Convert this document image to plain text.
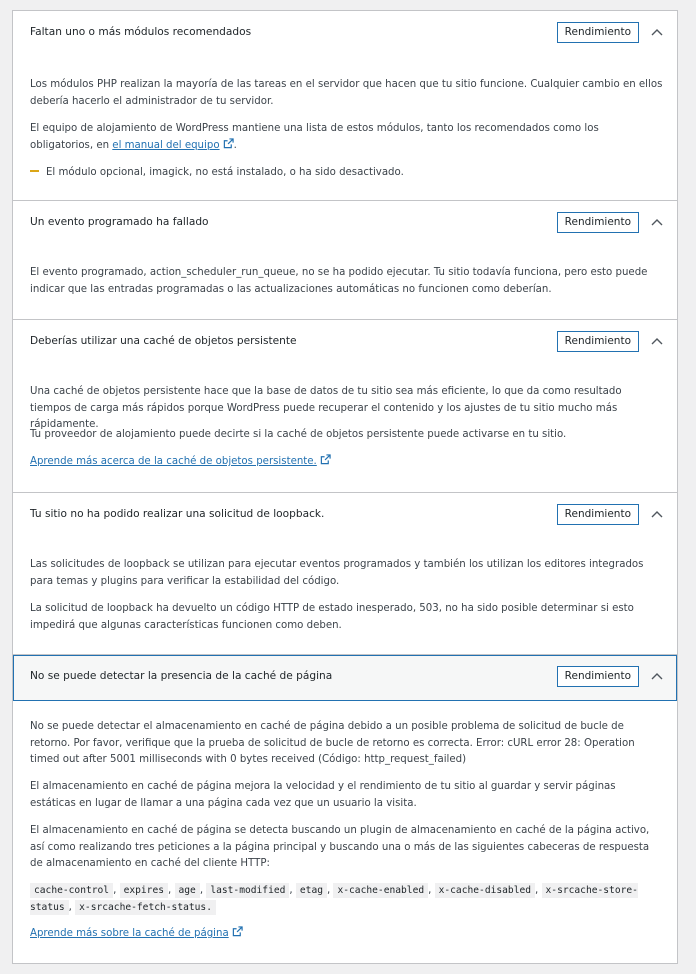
Faltan uno o más módulos recomendados	Rendimiento
Los módulos PHP realizan la mayoría de las tareas en el servidor que hacen que tu sitio funcione. Cualquier cambio en ellos debería hacerlo el administrador de tu servidor.
El equipo de alojamiento de WordPress mantiene una lista de estos módulos, tanto los recomendados como los obligatorios, en el manual del equipo .
El módulo opcional, imagick, no está instalado, o ha sido desactivado.
Un evento programado ha fallado	Rendimiento
El evento programado, action_scheduler_run_queue, no se ha podido ejecutar. Tu sitio todavía funciona, pero esto puede indicar que las entradas programadas o las actualizaciones automáticas no funcionen como deberían.
Deberías utilizar una caché de objetos persistente	Rendimiento
Una caché de objetos persistente hace que la base de datos de tu sitio sea más eficiente, lo que da como resultado tiempos de carga más rápidos porque WordPress puede recuperar el contenido y los ajustes de tu sitio mucho más rápidamente.
Tu proveedor de alojamiento puede decirte si la caché de objetos persistente puede activarse en tu sitio.
Aprende más acerca de la caché de objetos persistente.
Tu sitio no ha podido realizar una solicitud de loopback.	Rendimiento
Las solicitudes de loopback se utilizan para ejecutar eventos programados y también los utilizan los editores integrados para temas y plugins para verificar la estabilidad del código.
La solicitud de loopback ha devuelto un código HTTP de estado inesperado, 503, no ha sido posible determinar si esto impedirá que algunas características funcionen como deben.
No se puede detectar la presencia de la caché de página	Rendimiento
No se puede detectar el almacenamiento en caché de página debido a un posible problema de solicitud de bucle de retorno. Por favor, verifique que la prueba de solicitud de bucle de retorno es correcta. Error: cURL error 28: Operation timed out after 5001 milliseconds with 0 bytes received (Código: http_request_failed)
El almacenamiento en caché de página mejora la velocidad y el rendimiento de tu sitio al guardar y servir páginas estáticas en lugar de llamar a una página cada vez que un usuario la visita.
El almacenamiento en caché de página se detecta buscando un plugin de almacenamiento en caché de la página activo, así como realizando tres peticiones a la página principal y buscando una o más de las siguientes cabeceras de respuesta de almacenamiento en caché del cliente HTTP:
cache-control , expires , age , last-modified , etag , x-cache-enabled , x-cache-disabled , x-srcache-store-status , x-srcache-fetch-status.
Aprende más sobre la caché de página
